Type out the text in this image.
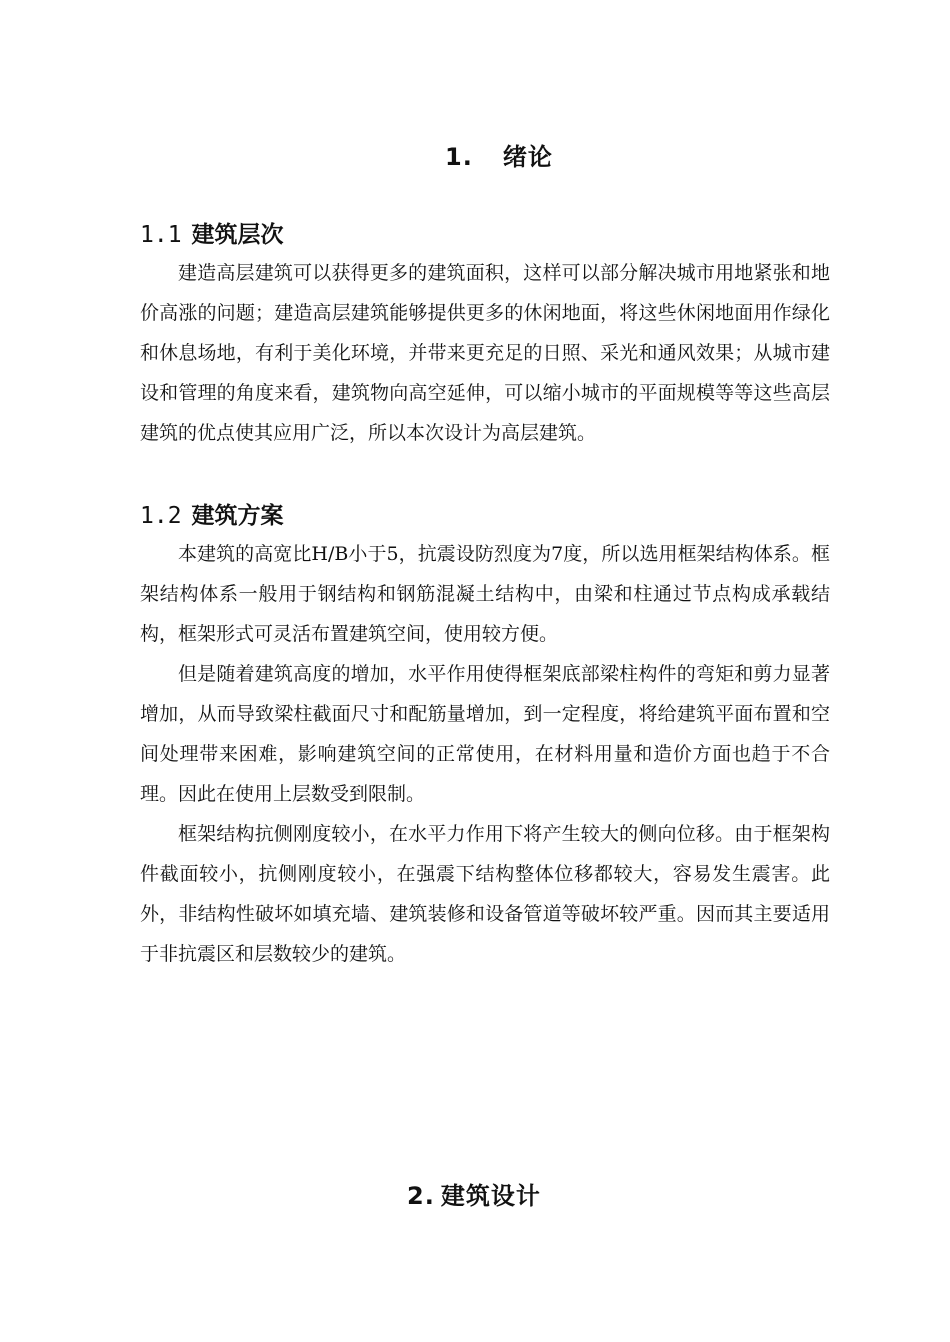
1. 绪论
1.1 建筑层次

建造高层建筑可以获得更多的建筑面积，这样可以部分解决城市用地紧张和地价高涨的问题；建造高层建筑能够提供更多的休闲地面，将这些休闲地面用作绿化和休息场地，有利于美化环境，并带来更充足的日照、采光和通风效果；从城市建设和管理的角度来看，建筑物向高空延伸，可以缩小城市的平面规模等等这些高层建筑的优点使其应用广泛，所以本次设计为高层建筑。

1.2 建筑方案

本建筑的高宽比H/B小于5，抗震设防烈度为7度，所以选用框架结构体系。框架结构体系一般用于钢结构和钢筋混凝土结构中，由梁和柱通过节点构成承载结构，框架形式可灵活布置建筑空间，使用较方便。

但是随着建筑高度的增加，水平作用使得框架底部梁柱构件的弯矩和剪力显著增加，从而导致梁柱截面尺寸和配筋量增加，到一定程度，将给建筑平面布置和空间处理带来困难，影响建筑空间的正常使用，在材料用量和造价方面也趋于不合理。因此在使用上层数受到限制。

框架结构抗侧刚度较小，在水平力作用下将产生较大的侧向位移。由于框架构件截面较小，抗侧刚度较小，在强震下结构整体位移都较大，容易发生震害。此外，非结构性破坏如填充墙、建筑装修和设备管道等破坏较严重。因而其主要适用于非抗震区和层数较少的建筑。

2. 建筑设计
